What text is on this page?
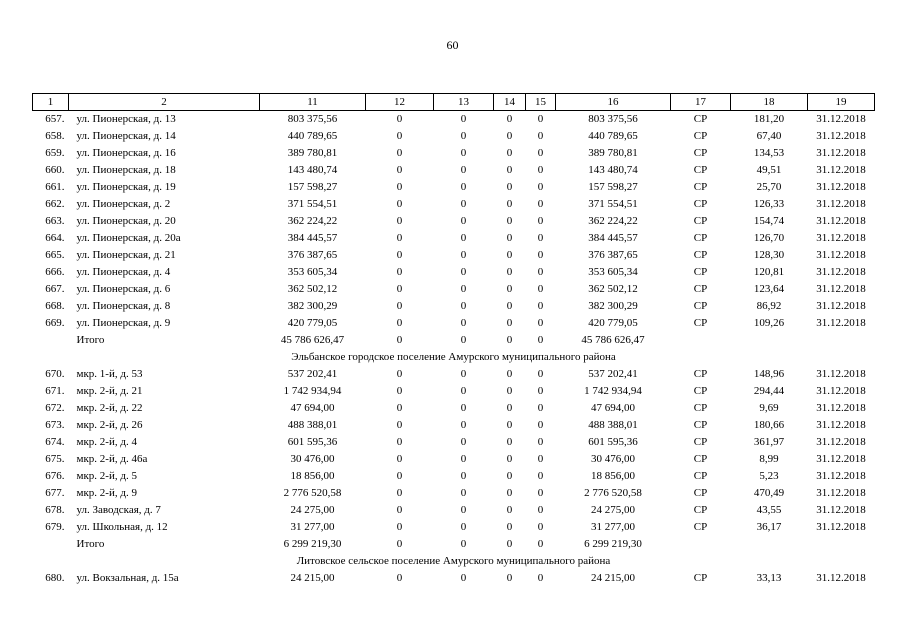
60
1	2	11	12	13	14	15	16	17	18	19
657.	ул. Пионерская, д. 13	803 375,56	0	0	0	0	803 375,56	СР	181,20	31.12.2018
658.	ул. Пионерская, д. 14	440 789,65	0	0	0	0	440 789,65	СР	67,40	31.12.2018
659.	ул. Пионерская, д. 16	389 780,81	0	0	0	0	389 780,81	СР	134,53	31.12.2018
660.	ул. Пионерская, д. 18	143 480,74	0	0	0	0	143 480,74	СР	49,51	31.12.2018
661.	ул. Пионерская, д. 19	157 598,27	0	0	0	0	157 598,27	СР	25,70	31.12.2018
662.	ул. Пионерская, д. 2	371 554,51	0	0	0	0	371 554,51	СР	126,33	31.12.2018
663.	ул. Пионерская, д. 20	362 224,22	0	0	0	0	362 224,22	СР	154,74	31.12.2018
664.	ул. Пионерская, д. 20а	384 445,57	0	0	0	0	384 445,57	СР	126,70	31.12.2018
665.	ул. Пионерская, д. 21	376 387,65	0	0	0	0	376 387,65	СР	128,30	31.12.2018
666.	ул. Пионерская, д. 4	353 605,34	0	0	0	0	353 605,34	СР	120,81	31.12.2018
667.	ул. Пионерская, д. 6	362 502,12	0	0	0	0	362 502,12	СР	123,64	31.12.2018
668.	ул. Пионерская, д. 8	382 300,29	0	0	0	0	382 300,29	СР	86,92	31.12.2018
669.	ул. Пионерская, д. 9	420 779,05	0	0	0	0	420 779,05	СР	109,26	31.12.2018
	Итого	45 786 626,47	0	0	0	0	45 786 626,47			
Эльбанское городское поселение Амурского муниципального района										
670.	мкр. 1-й, д. 53	537 202,41	0	0	0	0	537 202,41	СР	148,96	31.12.2018
671.	мкр. 2-й, д. 21	1 742 934,94	0	0	0	0	1 742 934,94	СР	294,44	31.12.2018
672.	мкр. 2-й, д. 22	47 694,00	0	0	0	0	47 694,00	СР	9,69	31.12.2018
673.	мкр. 2-й, д. 26	488 388,01	0	0	0	0	488 388,01	СР	180,66	31.12.2018
674.	мкр. 2-й, д. 4	601 595,36	0	0	0	0	601 595,36	СР	361,97	31.12.2018
675.	мкр. 2-й, д. 46а	30 476,00	0	0	0	0	30 476,00	СР	8,99	31.12.2018
676.	мкр. 2-й, д. 5	18 856,00	0	0	0	0	18 856,00	СР	5,23	31.12.2018
677.	мкр. 2-й, д. 9	2 776 520,58	0	0	0	0	2 776 520,58	СР	470,49	31.12.2018
678.	ул. Заводская, д. 7	24 275,00	0	0	0	0	24 275,00	СР	43,55	31.12.2018
679.	ул. Школьная, д. 12	31 277,00	0	0	0	0	31 277,00	СР	36,17	31.12.2018
	Итого	6 299 219,30	0	0	0	0	6 299 219,30			
Литовское сельское поселение Амурского муниципального района										
680.	ул. Вокзальная, д. 15а	24 215,00	0	0	0	0	24 215,00	СР	33,13	31.12.2018
